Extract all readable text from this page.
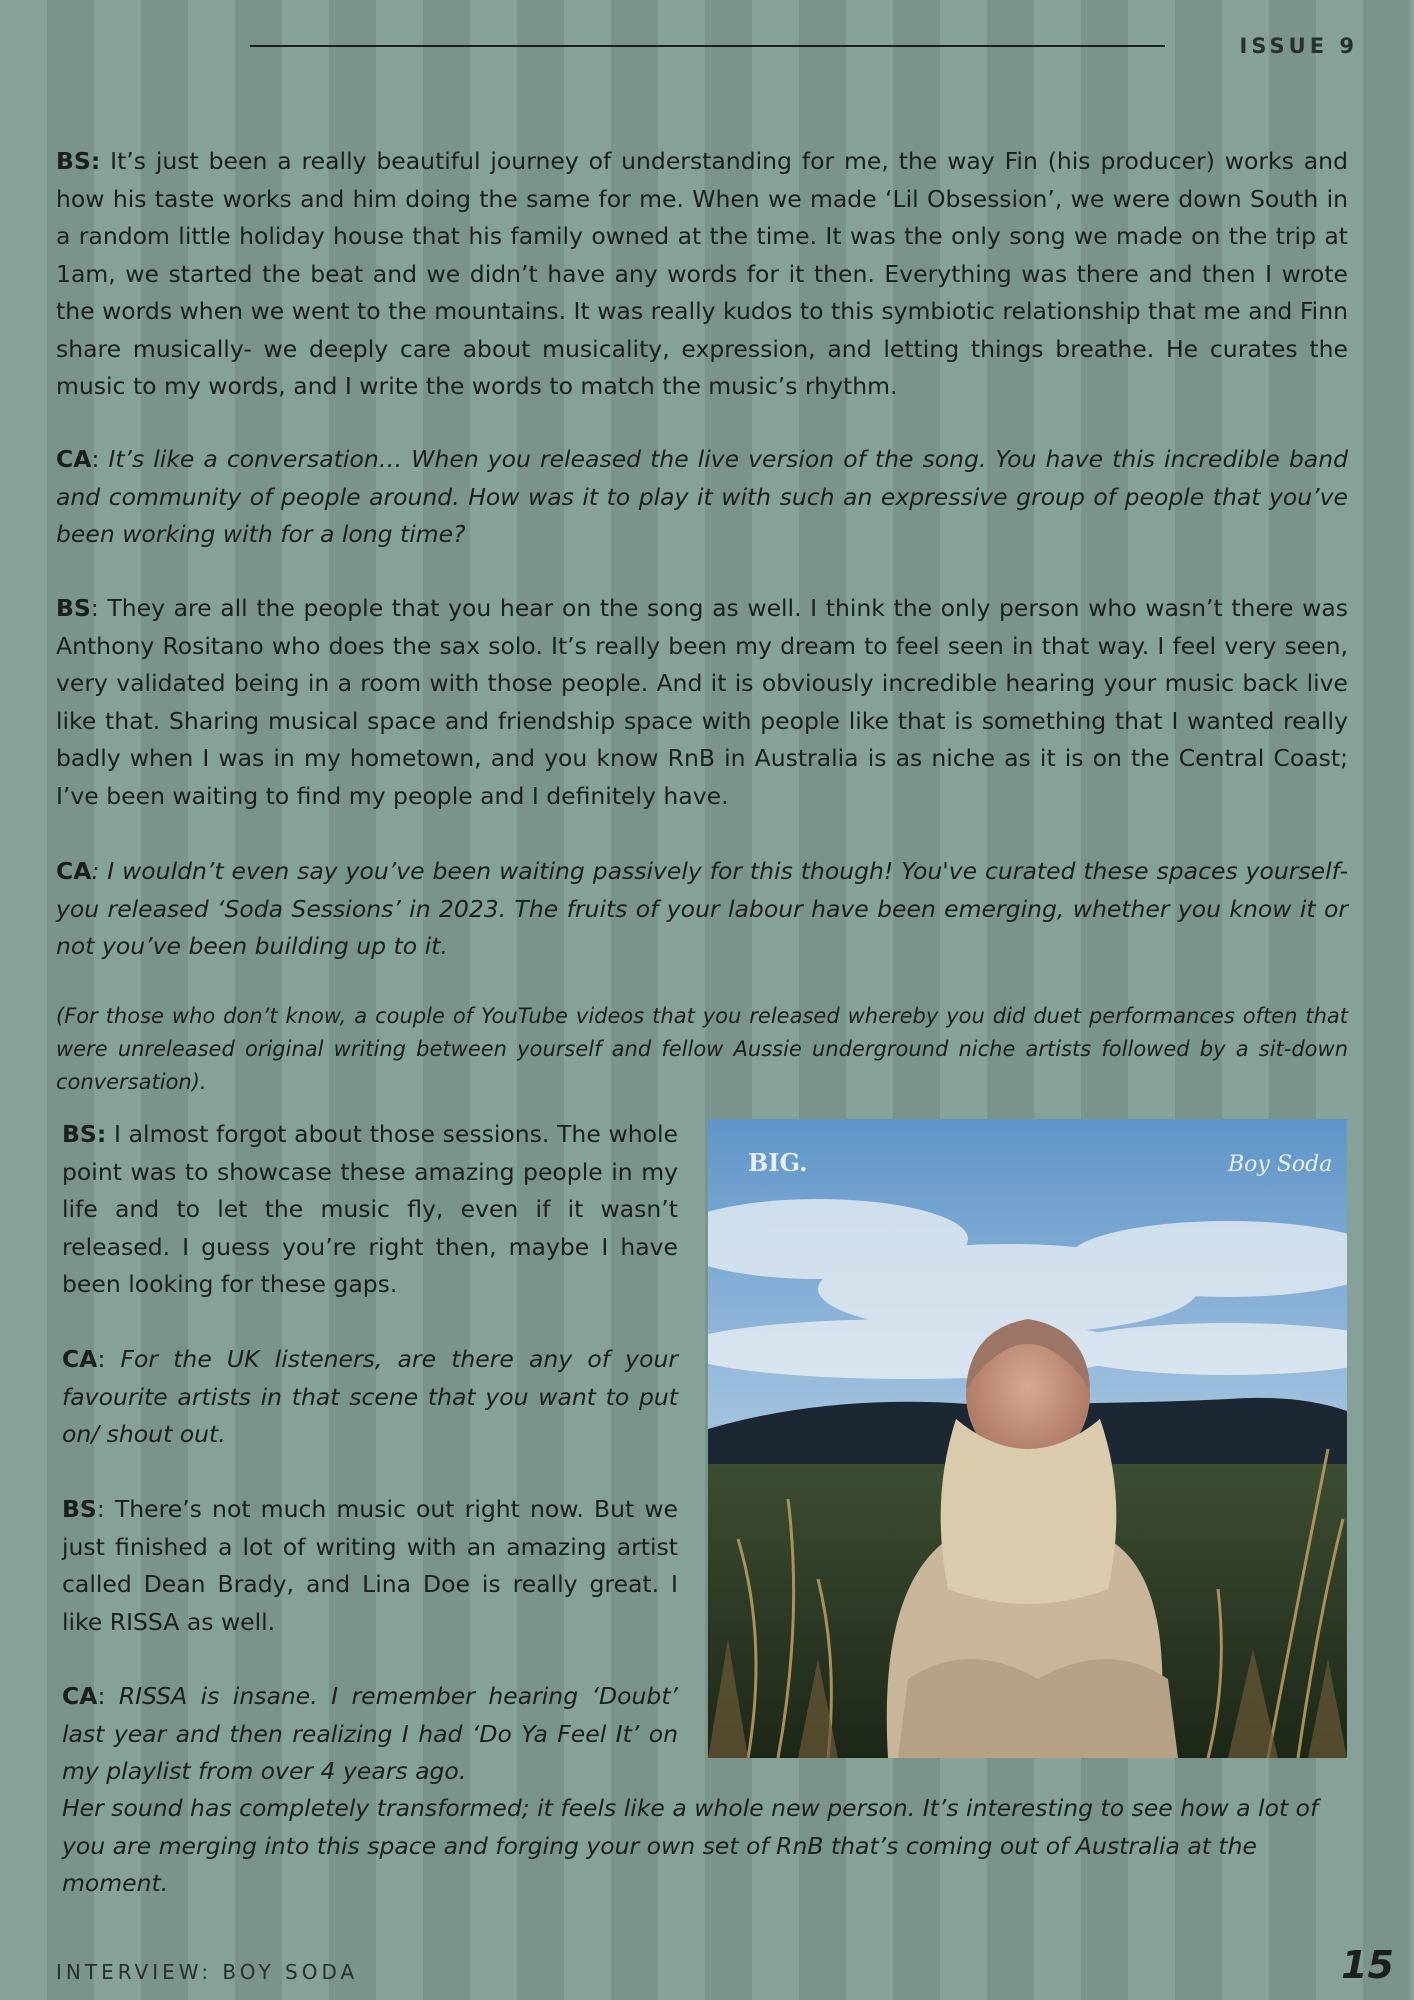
ISSUE 9

BS: It’s just been a really beautiful journey of understanding for me, the way Fin (his producer) works and how his taste works and him doing the same for me. When we made ‘Lil Obsession’, we were down South in a random little holiday house that his family owned at the time. It was the only song we made on the trip at 1am, we started the beat and we didn’t have any words for it then. Everything was there and then I wrote the words when we went to the mountains. It was really kudos to this symbiotic relationship that me and Finn share musically- we deeply care about musicality, expression, and letting things breathe. He curates the music to my words, and I write the words to match the music’s rhythm.

CA: It’s like a conversation… When you released the live version of the song. You have this incredible band and community of people around. How was it to play it with such an expressive group of people that you’ve been working with for a long time?

BS: They are all the people that you hear on the song as well. I think the only person who wasn’t there was Anthony Rositano who does the sax solo. It’s really been my dream to feel seen in that way. I feel very seen, very validated being in a room with those people. And it is obviously incredible hearing your music back live like that. Sharing musical space and friendship space with people like that is something that I wanted really badly when I was in my hometown, and you know RnB in Australia is as niche as it is on the Central Coast; I’ve been waiting to find my people and I definitely have.

CA: I wouldn’t even say you’ve been waiting passively for this though! You've curated these spaces yourself- you released ‘Soda Sessions’ in 2023. The fruits of your labour have been emerging, whether you know it or not you’ve been building up to it.

(For those who don’t know, a couple of YouTube videos that you released whereby you did duet performances often that were unreleased original writing between yourself and fellow Aussie underground niche artists followed by a sit-down conversation).

BS: I almost forgot about those sessions. The whole point was to showcase these amazing people in my life and to let the music fly, even if it wasn’t released. I guess you’re right then, maybe I have been looking for these gaps.

CA: For the UK listeners, are there any of your favourite artists in that scene that you want to put on/ shout out.

BS: There’s not much music out right now. But we just finished a lot of writing with an amazing artist called Dean Brady, and Lina Doe is really great. I like RISSA as well.

CA: RISSA is insane. I remember hearing ‘Doubt’ last year and then realizing I had ‘Do Ya Feel It’ on my playlist from over 4 years ago.

Her sound has completely transformed; it feels like a whole new person. It’s interesting to see how a lot of you are merging into this space and forging your own set of RnB that’s coming out of Australia at the moment.

BIG.	Boy Soda
INTERVIEW: BOY SODA	15
